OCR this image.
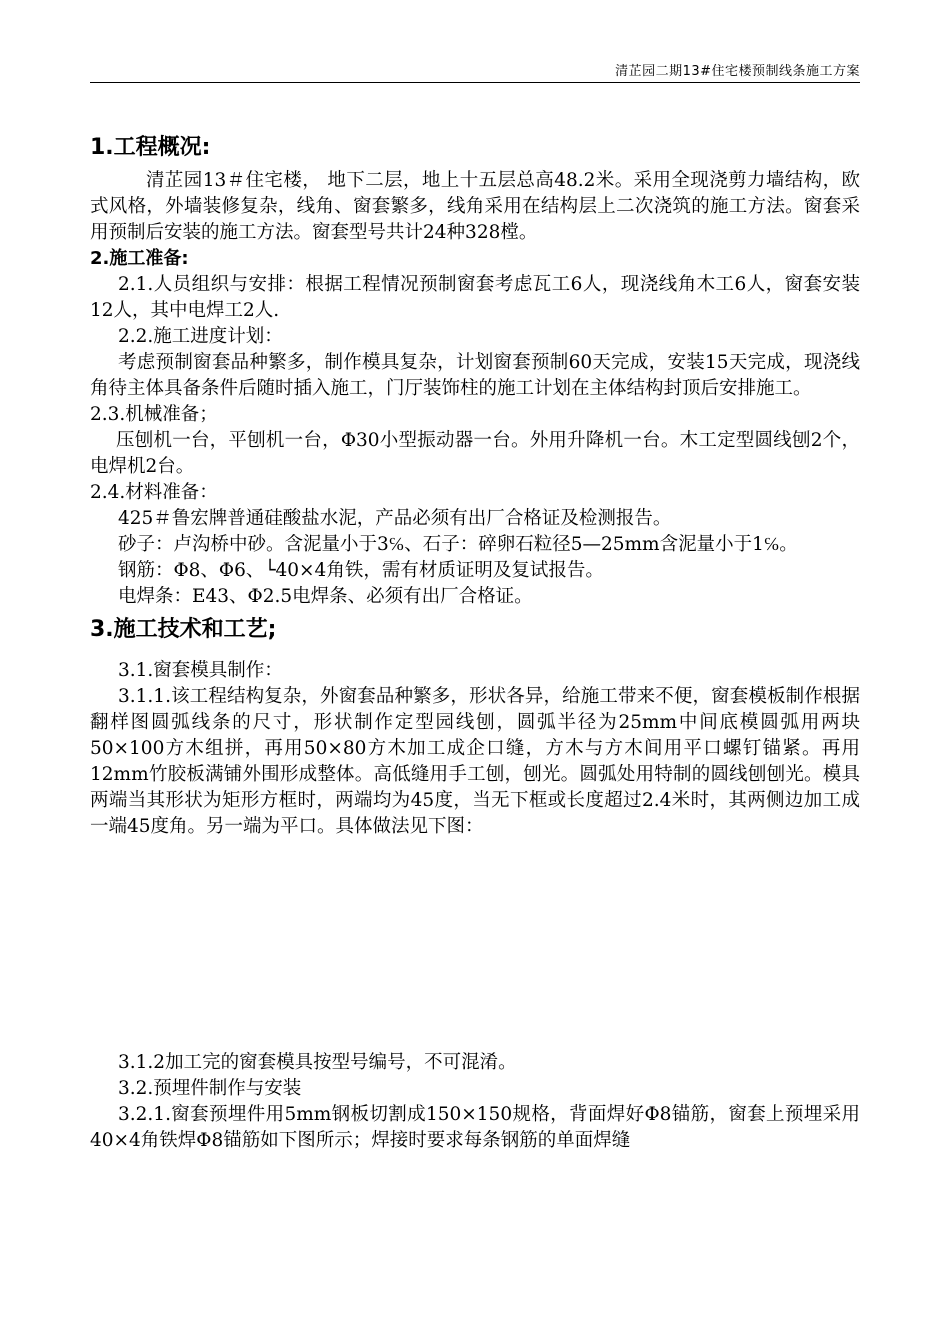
清芷园二期13#住宅楼预制线条施工方案
1.工程概况:

清芷园13＃住宅楼， 地下二层，地上十五层总高48.2米。采用全现浇剪力墙结构，欧式风格，外墙装修复杂，线角、窗套繁多，线角采用在结构层上二次浇筑的施工方法。窗套采用预制后安装的施工方法。窗套型号共计24种328樘。

2.施工准备:

2.1.人员组织与安排：根据工程情况预制窗套考虑瓦工6人，现浇线角木工6人，窗套安装12人，其中电焊工2人.

2.2.施工进度计划：

考虑预制窗套品种繁多，制作模具复杂，计划窗套预制60天完成，安装15天完成，现浇线角待主体具备条件后随时插入施工，门厅装饰柱的施工计划在主体结构封顶后安排施工。

2.3.机械准备；

压刨机一台，平刨机一台，Φ30小型振动器一台。外用升降机一台。木工定型圆线刨2个，电焊机2台。

2.4.材料准备：

425＃鲁宏牌普通硅酸盐水泥，产品必须有出厂合格证及检测报告。

砂子：卢沟桥中砂。含泥量小于3℅、石子：碎卵石粒径5—25mm含泥量小于1℅。

钢筋：Φ8、Φ6、└40×4角铁，需有材质证明及复试报告。

电焊条：E43、Φ2.5电焊条、必须有出厂合格证。

3.施工技术和工艺;

3.1.窗套模具制作：

3.1.1.该工程结构复杂，外窗套品种繁多，形状各异，给施工带来不便，窗套模板制作根据翻样图圆弧线条的尺寸，形状制作定型园线刨，圆弧半径为25mm中间底模圆弧用两块50×100方木组拼，再用50×80方木加工成企口缝，方木与方木间用平口螺钉锚紧。再用12mm竹胶板满铺外围形成整体。高低缝用手工刨，刨光。圆弧处用特制的圆线刨刨光。模具两端当其形状为矩形方框时，两端均为45度，当无下框或长度超过2.4米时，其两侧边加工成一端45度角。另一端为平口。具体做法见下图：

3.1.2加工完的窗套模具按型号编号，不可混淆。

3.2.预埋件制作与安装

3.2.1.窗套预埋件用5mm钢板切割成150×150规格，背面焊好Φ8锚筋，窗套上预埋采用40×4角铁焊Φ8锚筋如下图所示；焊接时要求每条钢筋的单面焊缝
